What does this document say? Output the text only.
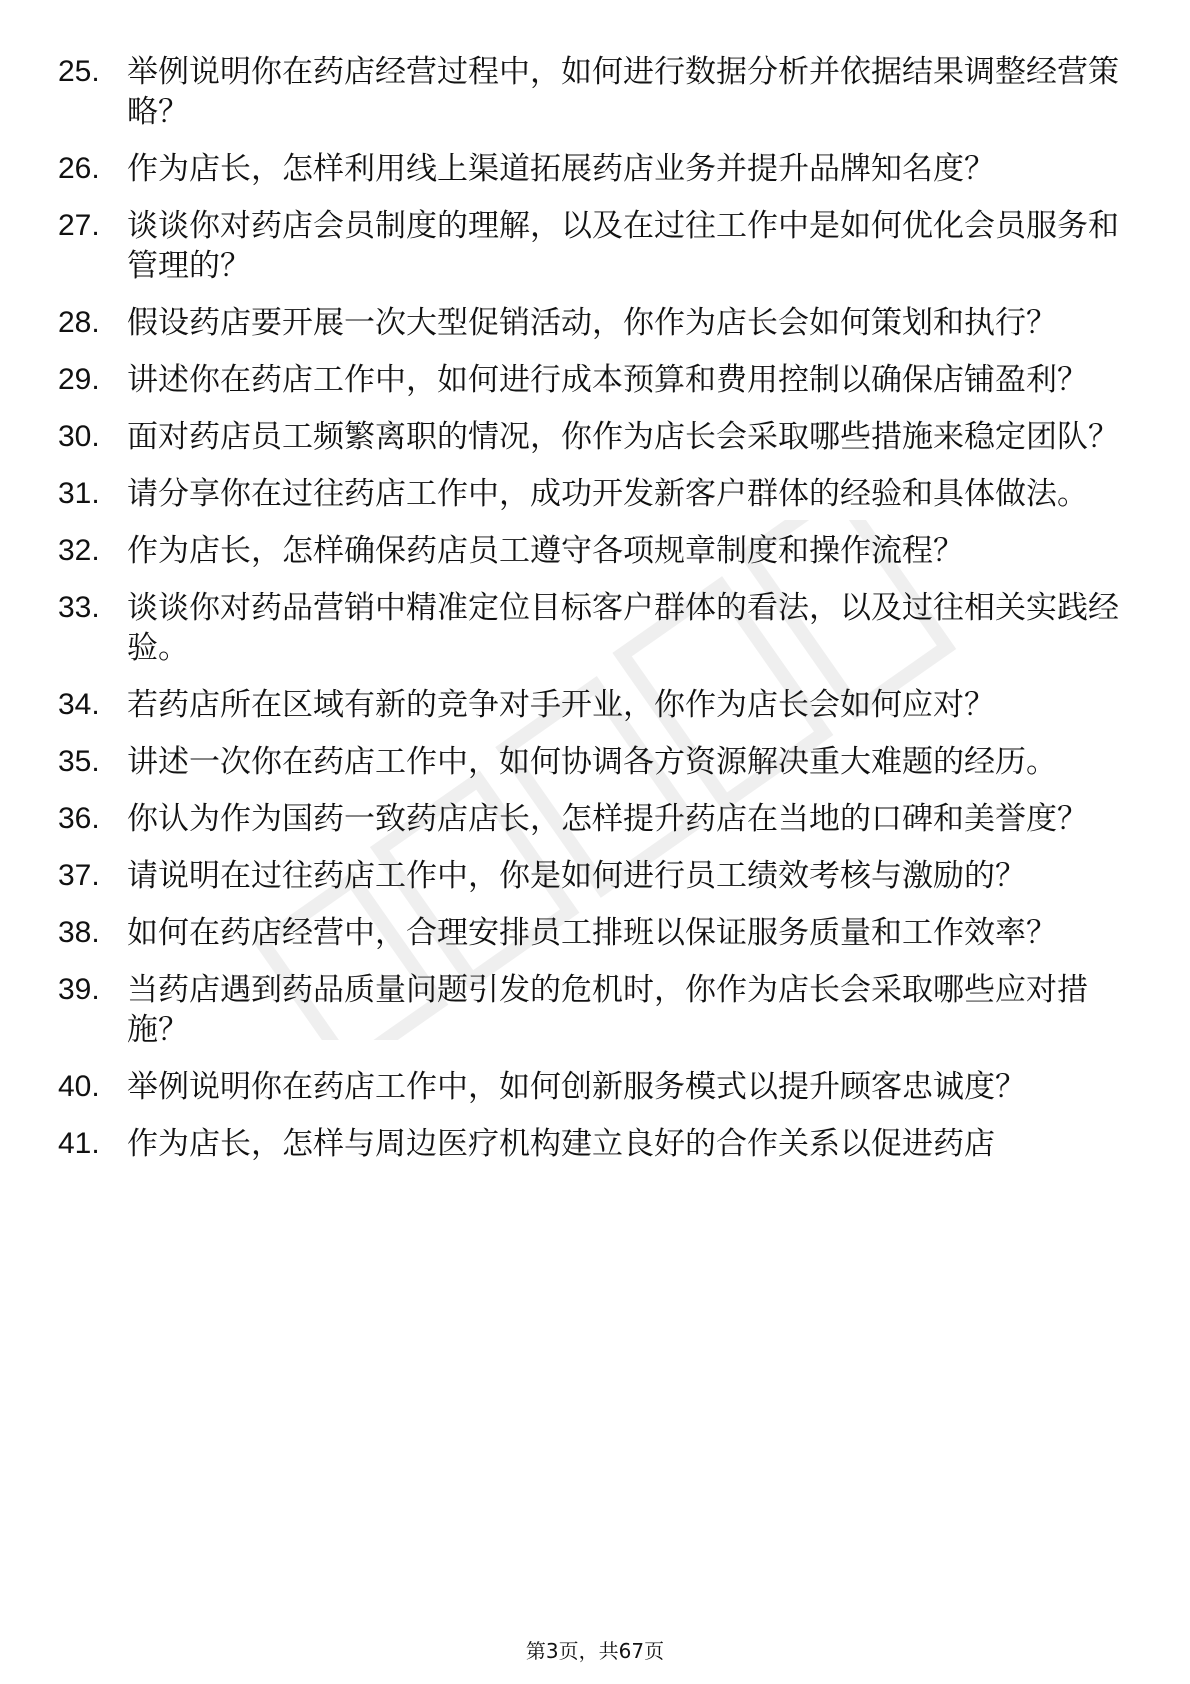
25. 举例说明你在药店经营过程中，如何进行数据分析并依据结果调整经营策略？
26. 作为店长，怎样利用线上渠道拓展药店业务并提升品牌知名度？
27. 谈谈你对药店会员制度的理解，以及在过往工作中是如何优化会员服务和管理的？
28. 假设药店要开展一次大型促销活动，你作为店长会如何策划和执行？
29. 讲述你在药店工作中，如何进行成本预算和费用控制以确保店铺盈利？
30. 面对药店员工频繁离职的情况，你作为店长会采取哪些措施来稳定团队？
31. 请分享你在过往药店工作中，成功开发新客户群体的经验和具体做法。
32. 作为店长，怎样确保药店员工遵守各项规章制度和操作流程？
33. 谈谈你对药品营销中精准定位目标客户群体的看法，以及过往相关实践经验。
34. 若药店所在区域有新的竞争对手开业，你作为店长会如何应对？
35. 讲述一次你在药店工作中，如何协调各方资源解决重大难题的经历。
36. 你认为作为国药一致药店店长，怎样提升药店在当地的口碑和美誉度？
37. 请说明在过往药店工作中，你是如何进行员工绩效考核与激励的？
38. 如何在药店经营中，合理安排员工排班以保证服务质量和工作效率？
39. 当药店遇到药品质量问题引发的危机时，你作为店长会采取哪些应对措施？
40. 举例说明你在药店工作中，如何创新服务模式以提升顾客忠诚度？
41. 作为店长，怎样与周边医疗机构建立良好的合作关系以促进药店
第3页，共67页
